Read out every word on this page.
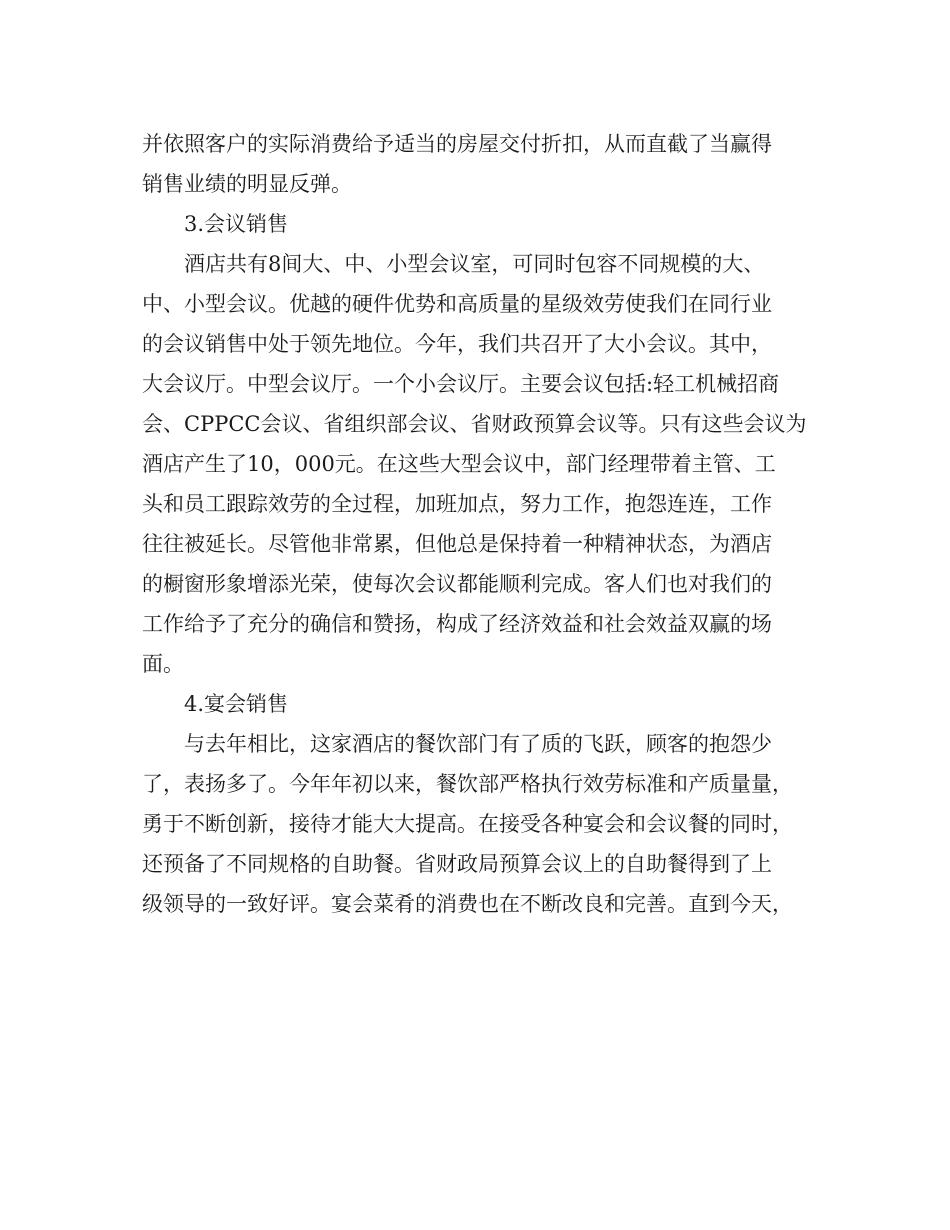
并依照客户的实际消费给予适当的房屋交付折扣，从而直截了当赢得
销售业绩的明显反弹。
3.会议销售
酒店共有8间大、中、小型会议室，可同时包容不同规模的大、
中、小型会议。优越的硬件优势和高质量的星级效劳使我们在同行业
的会议销售中处于领先地位。今年，我们共召开了大小会议。其中，
大会议厅。中型会议厅。一个小会议厅。主要会议包括:轻工机械招商
会、CPPCC会议、省组织部会议、省财政预算会议等。只有这些会议为
酒店产生了10，000元。在这些大型会议中，部门经理带着主管、工
头和员工跟踪效劳的全过程，加班加点，努力工作，抱怨连连，工作
往往被延长。尽管他非常累，但他总是保持着一种精神状态，为酒店
的橱窗形象增添光荣，使每次会议都能顺利完成。客人们也对我们的
工作给予了充分的确信和赞扬，构成了经济效益和社会效益双赢的场
面。
4.宴会销售
与去年相比，这家酒店的餐饮部门有了质的飞跃，顾客的抱怨少
了，表扬多了。今年年初以来，餐饮部严格执行效劳标准和产质量量，
勇于不断创新，接待才能大大提高。在接受各种宴会和会议餐的同时，
还预备了不同规格的自助餐。省财政局预算会议上的自助餐得到了上
级领导的一致好评。宴会菜肴的消费也在不断改良和完善。直到今天，
